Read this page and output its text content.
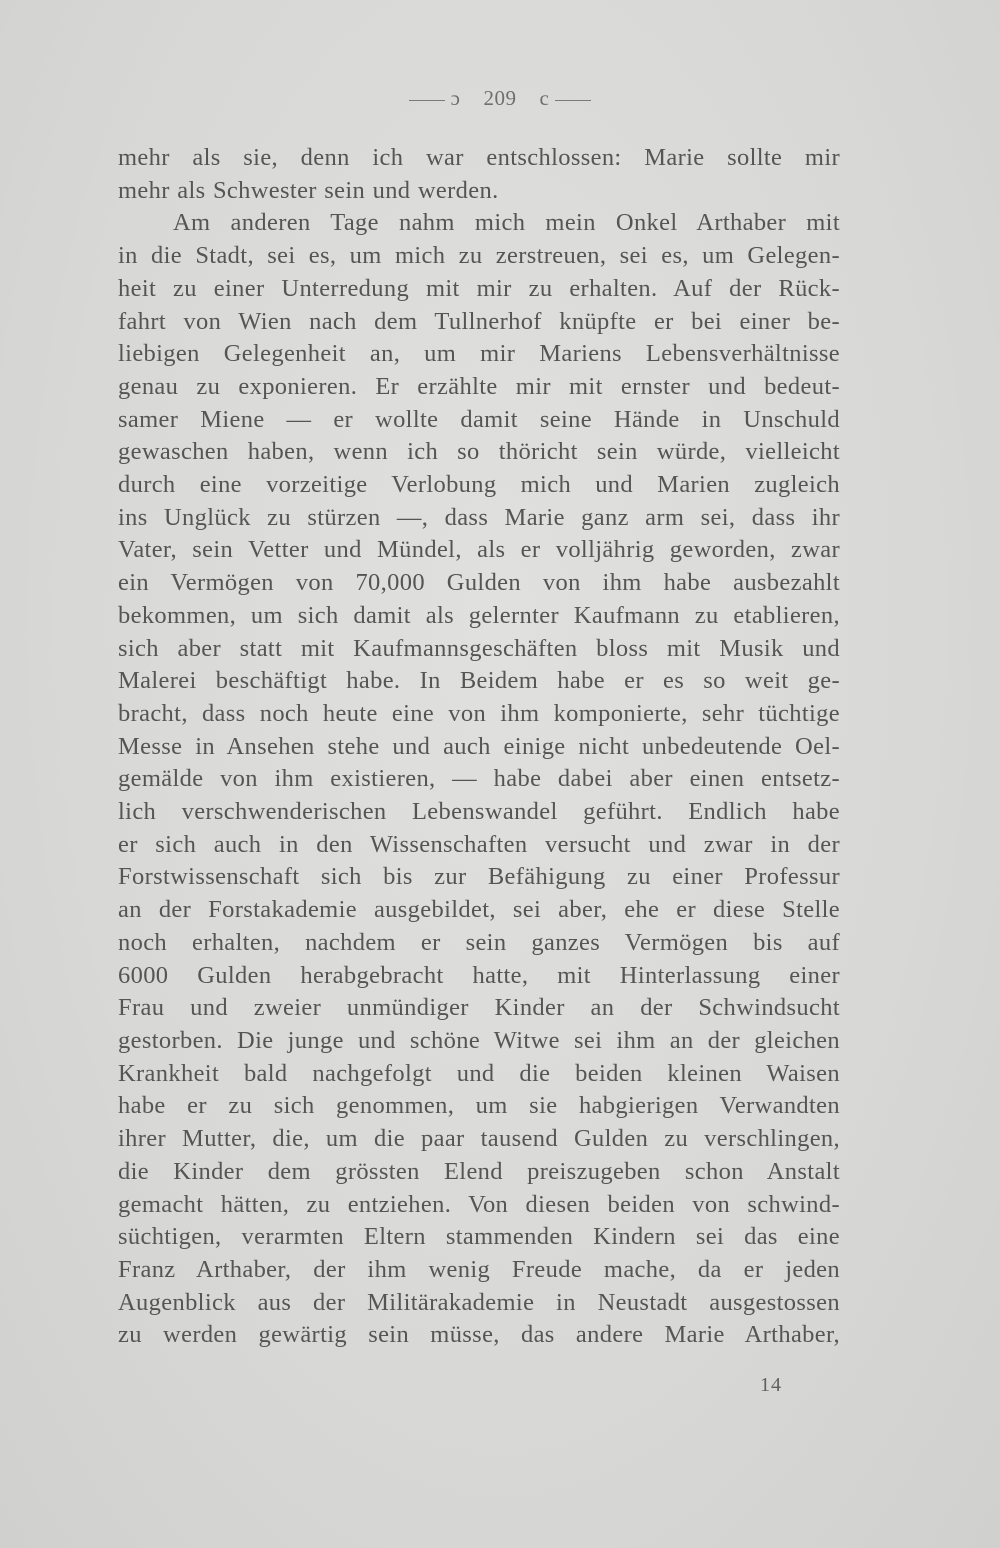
ɔ 209 c
mehr als sie, denn ich war entschlossen: Marie sollte mir
mehr als Schwester sein und werden.
Am anderen Tage nahm mich mein Onkel Arthaber mit
in die Stadt, sei es, um mich zu zerstreuen, sei es, um Gelegen-
heit zu einer Unterredung mit mir zu erhalten. Auf der Rück-
fahrt von Wien nach dem Tullnerhof knüpfte er bei einer be-
liebigen Gelegenheit an, um mir Mariens Lebensverhältnisse
genau zu exponieren. Er erzählte mir mit ernster und bedeut-
samer Miene — er wollte damit seine Hände in Unschuld
gewaschen haben, wenn ich so thöricht sein würde, vielleicht
durch eine vorzeitige Verlobung mich und Marien zugleich
ins Unglück zu stürzen —, dass Marie ganz arm sei, dass ihr
Vater, sein Vetter und Mündel, als er volljährig geworden, zwar
ein Vermögen von 70,000 Gulden von ihm habe ausbezahlt
bekommen, um sich damit als gelernter Kaufmann zu etablieren,
sich aber statt mit Kaufmannsgeschäften bloss mit Musik und
Malerei beschäftigt habe. In Beidem habe er es so weit ge-
bracht, dass noch heute eine von ihm komponierte, sehr tüchtige
Messe in Ansehen stehe und auch einige nicht unbedeutende Oel-
gemälde von ihm existieren, — habe dabei aber einen entsetz-
lich verschwenderischen Lebenswandel geführt. Endlich habe
er sich auch in den Wissenschaften versucht und zwar in der
Forstwissenschaft sich bis zur Befähigung zu einer Professur
an der Forstakademie ausgebildet, sei aber, ehe er diese Stelle
noch erhalten, nachdem er sein ganzes Vermögen bis auf
6000 Gulden herabgebracht hatte, mit Hinterlassung einer
Frau und zweier unmündiger Kinder an der Schwindsucht
gestorben. Die junge und schöne Witwe sei ihm an der gleichen
Krankheit bald nachgefolgt und die beiden kleinen Waisen
habe er zu sich genommen, um sie habgierigen Verwandten
ihrer Mutter, die, um die paar tausend Gulden zu verschlingen,
die Kinder dem grössten Elend preiszugeben schon Anstalt
gemacht hätten, zu entziehen. Von diesen beiden von schwind-
süchtigen, verarmten Eltern stammenden Kindern sei das eine
Franz Arthaber, der ihm wenig Freude mache, da er jeden
Augenblick aus der Militärakademie in Neustadt ausgestossen
zu werden gewärtig sein müsse, das andere Marie Arthaber,
14
